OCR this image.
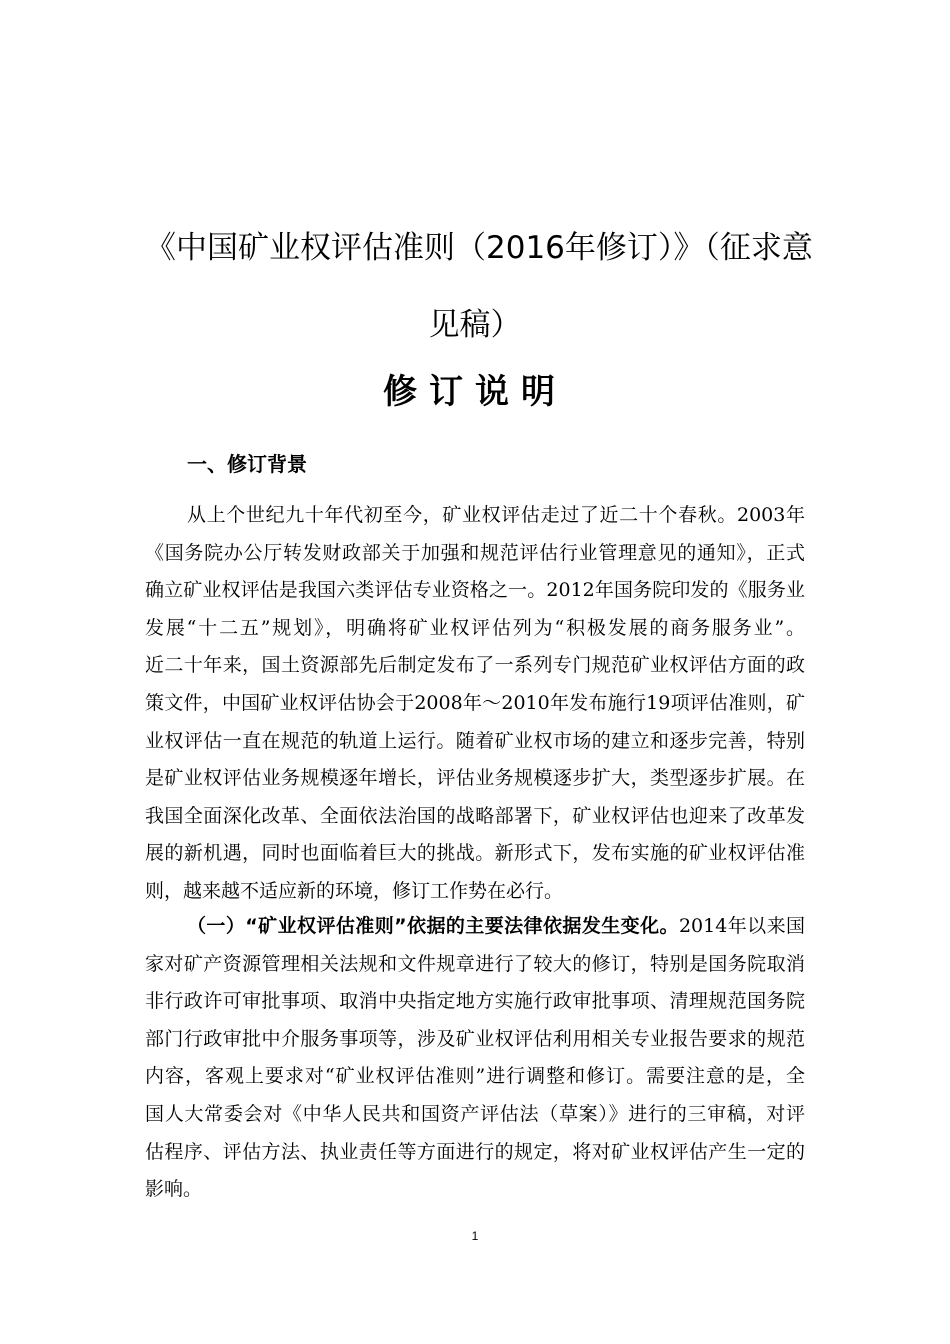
《中国矿业权评估准则（2016年修订）》（征求意
见稿）
修订说明
一、修订背景
从上个世纪九十年代初至今，矿业权评估走过了近二十个春秋。2003年
《国务院办公厅转发财政部关于加强和规范评估行业管理意见的通知》，正式
确立矿业权评估是我国六类评估专业资格之一。2012年国务院印发的《服务业
发展“十二五”规划》，明确将矿业权评估列为“积极发展的商务服务业”。
近二十年来，国土资源部先后制定发布了一系列专门规范矿业权评估方面的政
策文件，中国矿业权评估协会于2008年～2010年发布施行19项评估准则，矿
业权评估一直在规范的轨道上运行。随着矿业权市场的建立和逐步完善，特别
是矿业权评估业务规模逐年增长，评估业务规模逐步扩大，类型逐步扩展。在
我国全面深化改革、全面依法治国的战略部署下，矿业权评估也迎来了改革发
展的新机遇，同时也面临着巨大的挑战。新形式下，发布实施的矿业权评估准
则，越来越不适应新的环境，修订工作势在必行。
（一）“矿业权评估准则”依据的主要法律依据发生变化。2014年以来国
家对矿产资源管理相关法规和文件规章进行了较大的修订，特别是国务院取消
非行政许可审批事项、取消中央指定地方实施行政审批事项、清理规范国务院
部门行政审批中介服务事项等，涉及矿业权评估利用相关专业报告要求的规范
内容，客观上要求对“矿业权评估准则”进行调整和修订。需要注意的是，全
国人大常委会对《中华人民共和国资产评估法（草案）》进行的三审稿，对评
估程序、评估方法、执业责任等方面进行的规定，将对矿业权评估产生一定的
影响。
1
